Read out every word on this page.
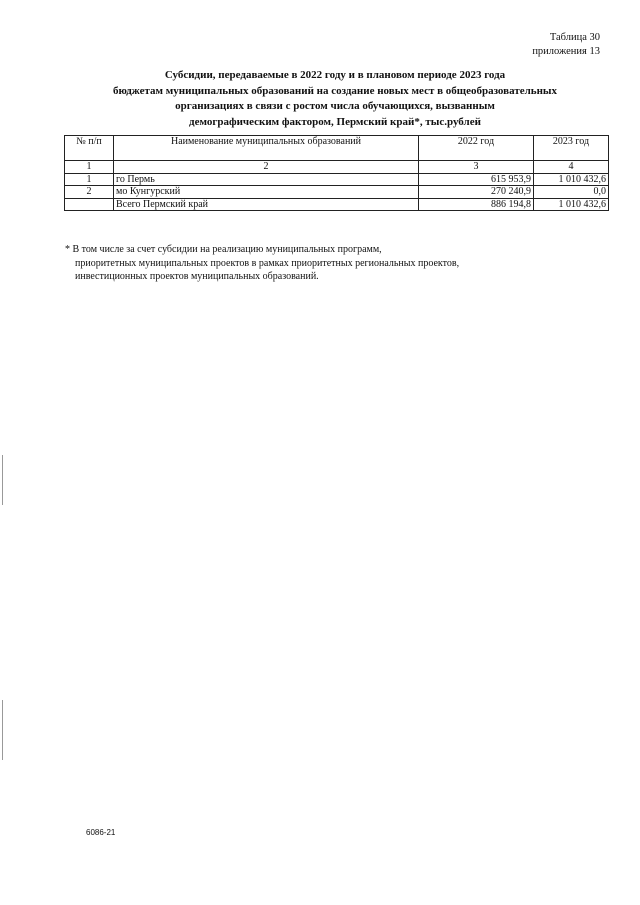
Таблица 30
приложения 13
Субсидии, передаваемые в 2022 году и в плановом периоде 2023 года
бюджетам муниципальных образований на создание новых мест в общеобразовательных
организациях в связи с ростом числа обучающихся, вызванным
демографическим фактором, Пермский край*, тыс.рублей
№ п/п	Наименование муниципальных образований	2022 год	2023 год
1	2	3	4
1	го Пермь	615 953,9	1 010 432,6
2	мо Кунгурский	270 240,9	0,0
	Всего Пермский край	886 194,8	1 010 432,6
* В том числе за счет субсидии на реализацию муниципальных программ,
приоритетных муниципальных проектов в рамках приоритетных региональных проектов,
инвестиционных проектов муниципальных образований.
6086-21
